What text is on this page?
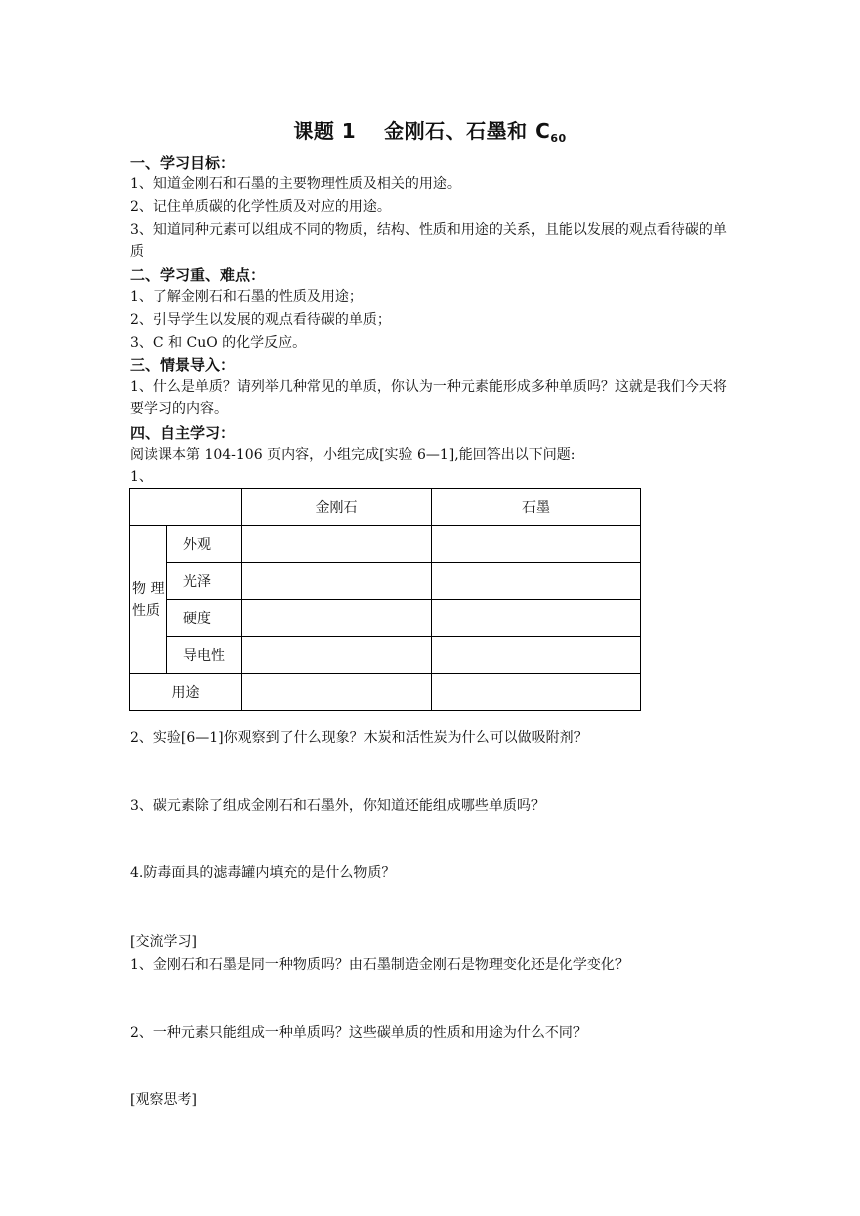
课题 1　 金刚石、石墨和 $C_{60}$
一、学习目标：
1、知道金刚石和石墨的主要物理性质及相关的用途。
2、记住单质碳的化学性质及对应的用途。
3、知道同种元素可以组成不同的物质，结构、性质和用途的关系，且能以发展的观点看待碳的单质
二、学习重、难点：
1、了解金刚石和石墨的性质及用途；
2、引导学生以发展的观点看待碳的单质；
3、C 和 CuO 的化学反应。
三、情景导入：
1、什么是单质？请列举几种常见的单质，你认为一种元素能形成多种单质吗？这就是我们今天将要学习的内容。
四、自主学习：
阅读课本第 104-106 页内容，小组完成[实验 6—1],能回答出以下问题:
1、
		金刚石	石墨
物 理 性质	外观		
	光泽		
	硬度		
	导电性		
用途			
2、实验[6—1]你观察到了什么现象？木炭和活性炭为什么可以做吸附剂？
3、碳元素除了组成金刚石和石墨外，你知道还能组成哪些单质吗？
4.防毒面具的滤毒罐内填充的是什么物质？
[交流学习]
1、金刚石和石墨是同一种物质吗？由石墨制造金刚石是物理变化还是化学变化？
2、一种元素只能组成一种单质吗？这些碳单质的性质和用途为什么不同？
[观察思考]
